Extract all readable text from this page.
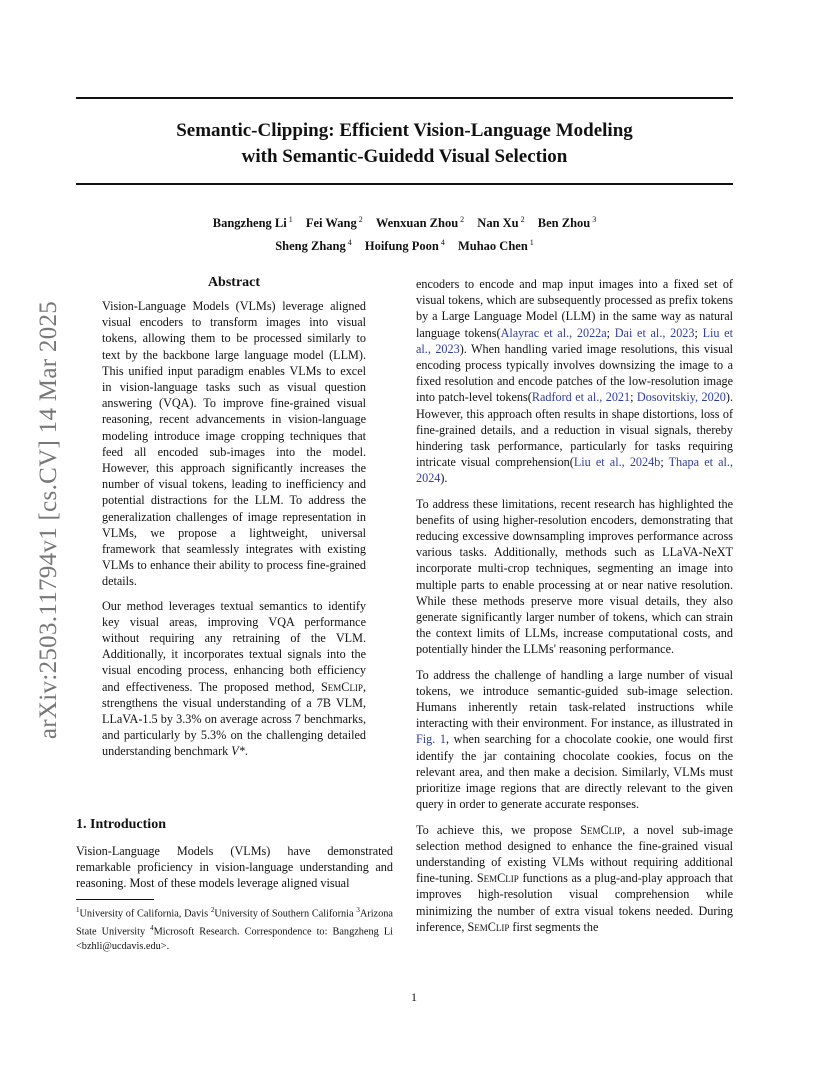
Semantic-Clipping: Efficient Vision-Language Modeling
with Semantic-Guidedd Visual Selection
Bangzheng Li $^1$ Fei Wang $^2$ Wenxuan Zhou $^2$ Nan Xu $^2$ Ben Zhou $^3$
Sheng Zhang $^4$ Hoifung Poon $^4$ Muhao Chen $^1$
arXiv:2503.11794v1 [cs.CV] 14 Mar 2025
Abstract

Vision-Language Models (VLMs) leverage aligned visual encoders to transform images into visual tokens, allowing them to be processed similarly to text by the backbone large language model (LLM). This unified input paradigm enables VLMs to excel in vision-language tasks such as visual question answering (VQA). To improve fine-grained visual reasoning, recent advancements in vision-language modeling introduce image cropping techniques that feed all encoded sub-images into the model. However, this approach significantly increases the number of visual tokens, leading to inefficiency and potential distractions for the LLM. To address the generalization challenges of image representation in VLMs, we propose a lightweight, universal framework that seamlessly integrates with existing VLMs to enhance their ability to process fine-grained details.

Our method leverages textual semantics to identify key visual areas, improving VQA performance without requiring any retraining of the VLM. Additionally, it incorporates textual signals into the visual encoding process, enhancing both efficiency and effectiveness. The proposed method, SemClip, strengthens the visual understanding of a 7B VLM, LLaVA-1.5 by 3.3% on average across 7 benchmarks, and particularly by 5.3% on the challenging detailed understanding benchmark V*.

1. Introduction

Vision-Language Models (VLMs) have demonstrated remarkable proficiency in vision-language understanding and reasoning. Most of these models leverage aligned visual

$^1$University of California, Davis $^2$University of Southern California $^3$Arizona State University $^4$Microsoft Research. Correspondence to: Bangzheng Li <bzhli@ucdavis.edu>.

encoders to encode and map input images into a fixed set of visual tokens, which are subsequently processed as prefix tokens by a Large Language Model (LLM) in the same way as natural language tokens(Alayrac et al., 2022a; Dai et al., 2023; Liu et al., 2023). When handling varied image resolutions, this visual encoding process typically involves downsizing the image to a fixed resolution and encode patches of the low-resolution image into patch-level tokens(Radford et al., 2021; Dosovitskiy, 2020). However, this approach often results in shape distortions, loss of fine-grained details, and a reduction in visual signals, thereby hindering task performance, particularly for tasks requiring intricate visual comprehension(Liu et al., 2024b; Thapa et al., 2024).

To address these limitations, recent research has highlighted the benefits of using higher-resolution encoders, demonstrating that reducing excessive downsampling improves performance across various tasks. Additionally, methods such as LLaVA-NeXT incorporate multi-crop techniques, segmenting an image into multiple parts to enable processing at or near native resolution. While these methods preserve more visual details, they also generate significantly larger number of tokens, which can strain the context limits of LLMs, increase computational costs, and potentially hinder the LLMs' reasoning performance.

To address the challenge of handling a large number of visual tokens, we introduce semantic-guided sub-image selection. Humans inherently retain task-related instructions while interacting with their environment. For instance, as illustrated in Fig. 1, when searching for a chocolate cookie, one would first identify the jar containing chocolate cookies, focus on the relevant area, and then make a decision. Similarly, VLMs must prioritize image regions that are directly relevant to the given query in order to generate accurate responses.

To achieve this, we propose SemClip, a novel sub-image selection method designed to enhance the fine-grained visual understanding of existing VLMs without requiring additional fine-tuning. SemClip functions as a plug-and-play approach that improves high-resolution visual comprehension while minimizing the number of extra visual tokens needed. During inference, SemClip first segments the

1
